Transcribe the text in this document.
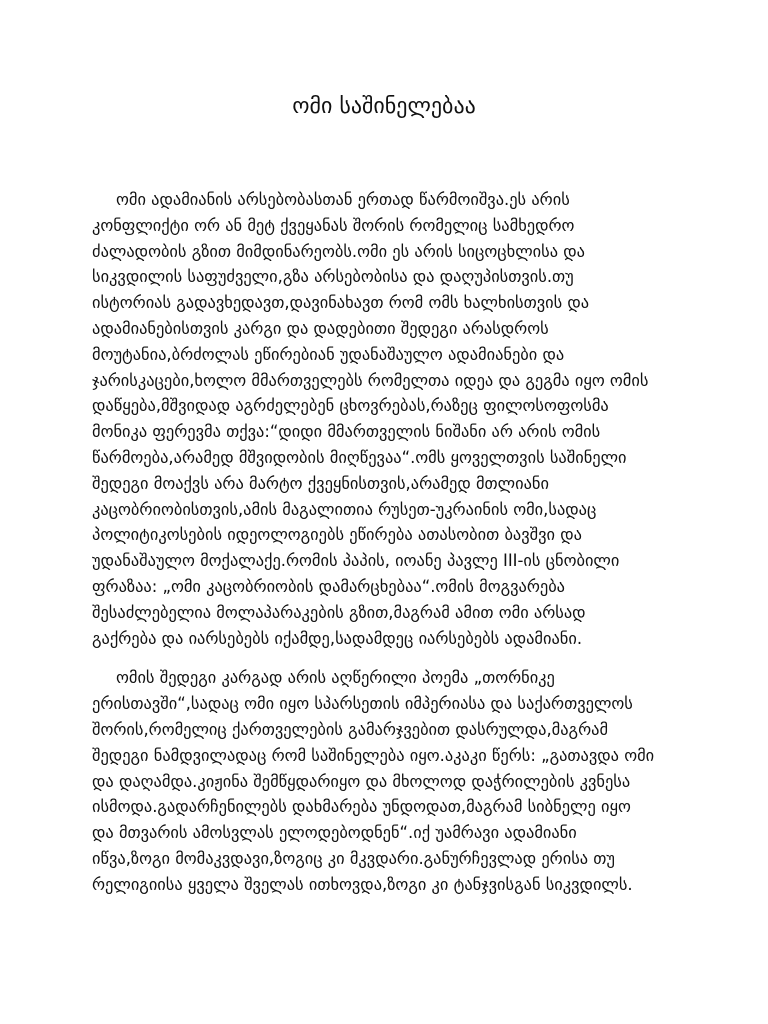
ომი საშინელებაა

ომი ადამიანის არსებობასთან ერთად წარმოიშვა.ეს არის
კონფლიქტი ორ ან მეტ ქვეყანას შორის რომელიც სამხედრო
ძალადობის გზით მიმდინარეობს.ომი ეს არის სიცოცხლისა და
სიკვდილის საფუძველი,გზა არსებობისა და დაღუპისთვის.თუ
ისტორიას გადავხედავთ,დავინახავთ რომ ომს ხალხისთვის და
ადამიანებისთვის კარგი და დადებითი შედეგი არასდროს
მოუტანია,ბრძოლას ეწირებიან უდანაშაულო ადამიანები და
ჯარისკაცები,ხოლო მმართველებს რომელთა იდეა და გეგმა იყო ომის
დაწყება,მშვიდად აგრძელებენ ცხოვრებას,რაზეც ფილოსოფოსმა
მონიკა ფერევმა თქვა:“დიდი მმართველის ნიშანი არ არის ომის
წარმოება,არამედ მშვიდობის მიღწევაა“.ომს ყოველთვის საშინელი
შედეგი მოაქვს არა მარტო ქვეყნისთვის,არამედ მთლიანი
კაცობრიობისთვის,ამის მაგალითია რუსეთ-უკრაინის ომი,სადაც
პოლიტიკოსების იდეოლოგიებს ეწირება ათასობით ბავშვი და
უდანაშაულო მოქალაქე.რომის პაპის, იოანე პავლე III-ის ცნობილი
ფრაზაა: „ომი კაცობრიობის დამარცხებაა“.ომის მოგვარება
შესაძლებელია მოლაპარაკების გზით,მაგრამ ამით ომი არსად
გაქრება და იარსებებს იქამდე,სადამდეც იარსებებს ადამიანი.

ომის შედეგი კარგად არის აღწერილი პოემა „თორნიკე
ერისთავში“,სადაც ომი იყო სპარსეთის იმპერიასა და საქართველოს
შორის,რომელიც ქართველების გამარჯვებით დასრულდა,მაგრამ
შედეგი ნამდვილადაც რომ საშინელება იყო.აკაკი წერს: „გათავდა ომი
და დაღამდა.კიჟინა შემწყდარიყო და მხოლოდ დაჭრილების კვნესა
ისმოდა.გადარჩენილებს დახმარება უნდოდათ,მაგრამ სიბნელე იყო
და მთვარის ამოსვლას ელოდებოდნენ“.იქ უამრავი ადამიანი
იწვა,ზოგი მომაკვდავი,ზოგიც კი მკვდარი.განურჩევლად ერისა თუ
რელიგიისა ყველა შველას ითხოვდა,ზოგი კი ტანჯვისგან სიკვდილს.
